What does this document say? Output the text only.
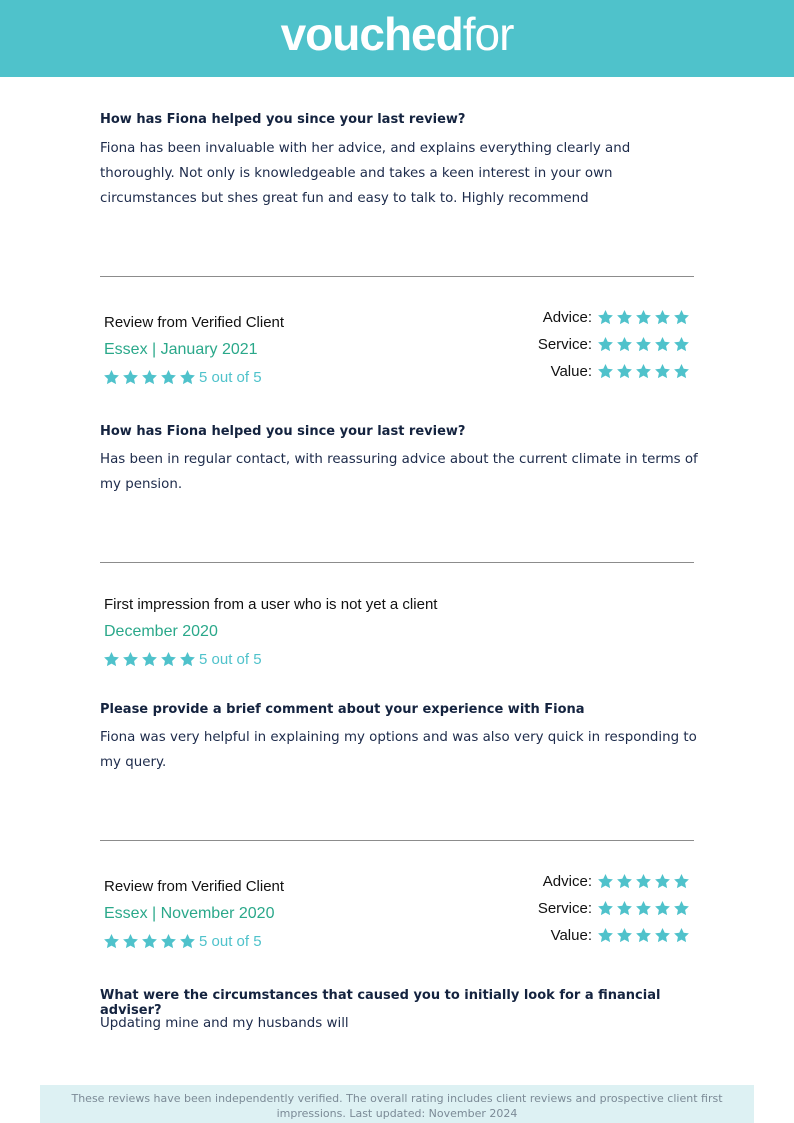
vouchedfor

How has Fiona helped you since your last review?

Fiona has been invaluable with her advice, and explains everything clearly and thoroughly. Not only is knowledgeable and takes a keen interest in your own circumstances but shes great fun and easy to talk to. Highly recommend

Review from Verified Client
Essex | January 2021
5 out of 5
Advice:
Service:
Value:

How has Fiona helped you since your last review?

Has been in regular contact, with reassuring advice about the current climate in terms of my pension.

First impression from a user who is not yet a client
December 2020
5 out of 5

Please provide a brief comment about your experience with Fiona

Fiona was very helpful in explaining my options and was also very quick in responding to my query.

Review from Verified Client
Essex | November 2020
5 out of 5
Advice:
Service:
Value:

What were the circumstances that caused you to initially look for a financial adviser?

Updating mine and my husbands will

These reviews have been independently verified. The overall rating includes client reviews and prospective client first impressions. Last updated: November 2024
